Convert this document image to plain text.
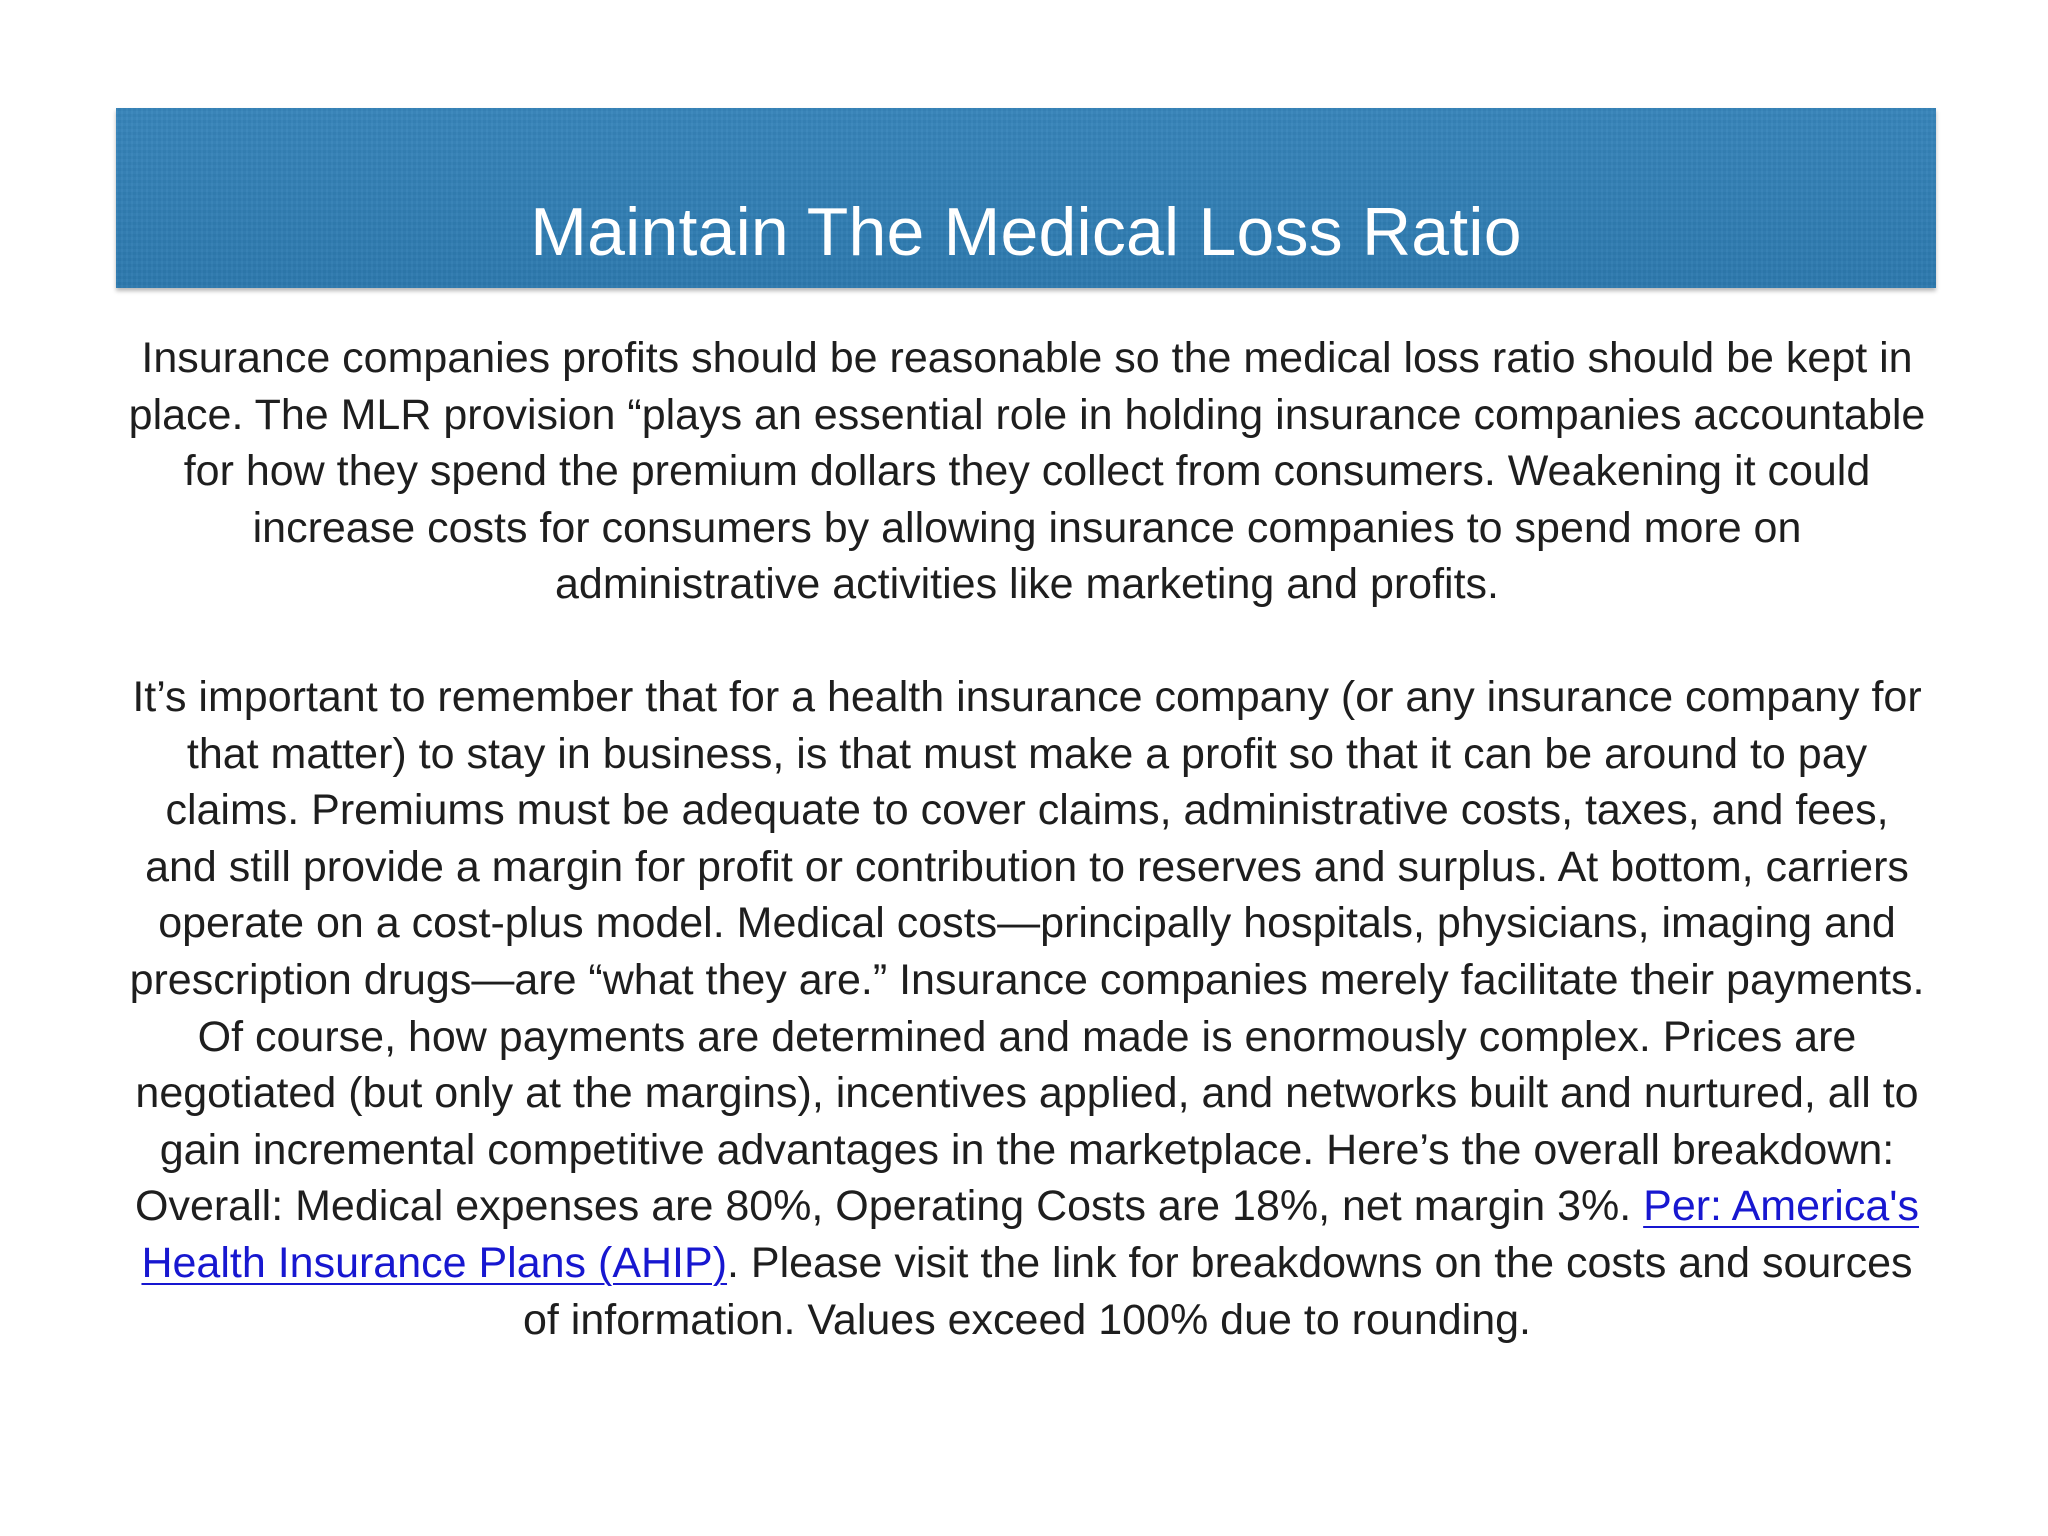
Maintain The Medical Loss Ratio

Insurance companies profits should be reasonable so the medical loss ratio should be kept in place. The MLR provision “plays an essential role in holding insurance companies accountable for how they spend the premium dollars they collect from consumers. Weakening it could increase costs for consumers by allowing insurance companies to spend more on administrative activities like marketing and profits.

It’s important to remember that for a health insurance company (or any insurance company for that matter) to stay in business, is that must make a profit so that it can be around to pay claims. Premiums must be adequate to cover claims, administrative costs, taxes, and fees, and still provide a margin for profit or contribution to reserves and surplus. At bottom, carriers operate on a cost-plus model. Medical costs—principally hospitals, physicians, imaging and prescription drugs—are “what they are.” Insurance companies merely facilitate their payments. Of course, how payments are determined and made is enormously complex. Prices are negotiated (but only at the margins), incentives applied, and networks built and nurtured, all to gain incremental competitive advantages in the marketplace. Here’s the overall breakdown: Overall: Medical expenses are 80%, Operating Costs are 18%, net margin 3%. Per: America's Health Insurance Plans (AHIP). Please visit the link for breakdowns on the costs and sources of information. Values exceed 100% due to rounding.
